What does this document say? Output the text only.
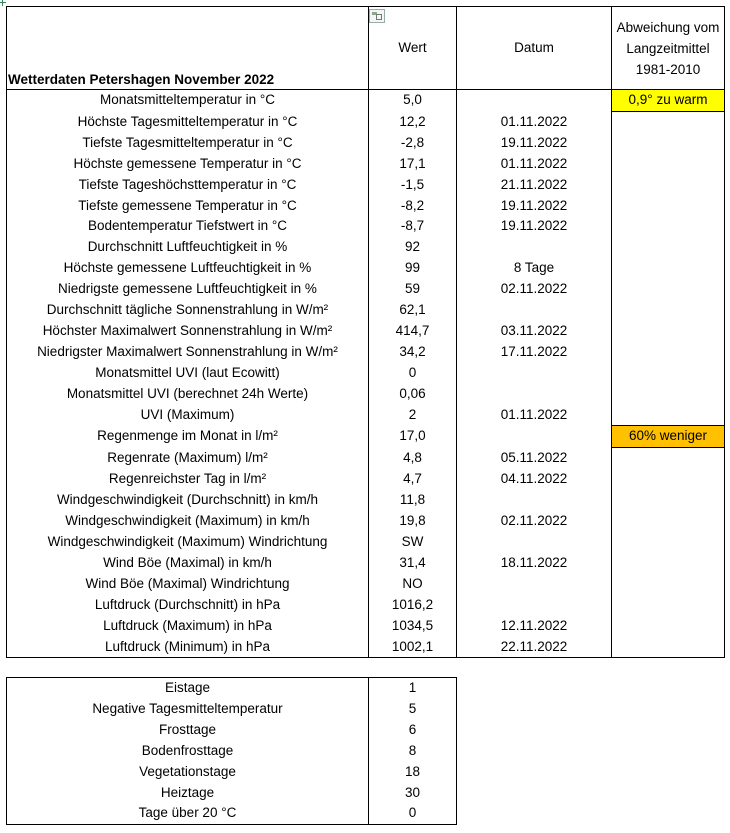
Wetterdaten Petershagen November 2022	Wert	Datum	Abweichung vom Langzeitmittel 1981-2010
Monatsmitteltemperatur in °C	5,0		0,9° zu warm
Höchste Tagesmitteltemperatur in °C	12,2	01.11.2022	
Tiefste Tagesmitteltemperatur in °C	-2,8	19.11.2022	
Höchste gemessene Temperatur in °C	17,1	01.11.2022	
Tiefste Tageshöchsttemperatur in °C	-1,5	21.11.2022	
Tiefste gemessene Temperatur in °C	-8,2	19.11.2022	
Bodentemperatur Tiefstwert in °C	-8,7	19.11.2022	
Durchschnitt Luftfeuchtigkeit in %	92		
Höchste gemessene Luftfeuchtigkeit in %	99	8 Tage	
Niedrigste gemessene Luftfeuchtigkeit in %	59	02.11.2022	
Durchschnitt tägliche Sonnenstrahlung in W/m²	62,1		
Höchster Maximalwert Sonnenstrahlung in W/m²	414,7	03.11.2022	
Niedrigster Maximalwert Sonnenstrahlung in W/m²	34,2	17.11.2022	
Monatsmittel UVI (laut Ecowitt)	0		
Monatsmittel UVI (berechnet 24h Werte)	0,06		
UVI (Maximum)	2	01.11.2022	
Regenmenge im Monat in l/m²	17,0		60% weniger
Regenrate (Maximum) l/m²	4,8	05.11.2022	
Regenreichster Tag in l/m²	4,7	04.11.2022	
Windgeschwindigkeit (Durchschnitt) in km/h	11,8		
Windgeschwindigkeit (Maximum) in km/h	19,8	02.11.2022	
Windgeschwindigkeit (Maximum) Windrichtung	SW		
Wind Böe (Maximal) in km/h	31,4	18.11.2022	
Wind Böe (Maximal) Windrichtung	NO		
Luftdruck (Durchschnitt) in hPa	1016,2		
Luftdruck (Maximum) in hPa	1034,5	12.11.2022	
Luftdruck (Minimum) in hPa	1002,1	22.11.2022	
Eistage	1
Negative Tagesmitteltemperatur	5
Frosttage	6
Bodenfrosttage	8
Vegetationstage	18
Heiztage	30
Tage über 20 °C	0
